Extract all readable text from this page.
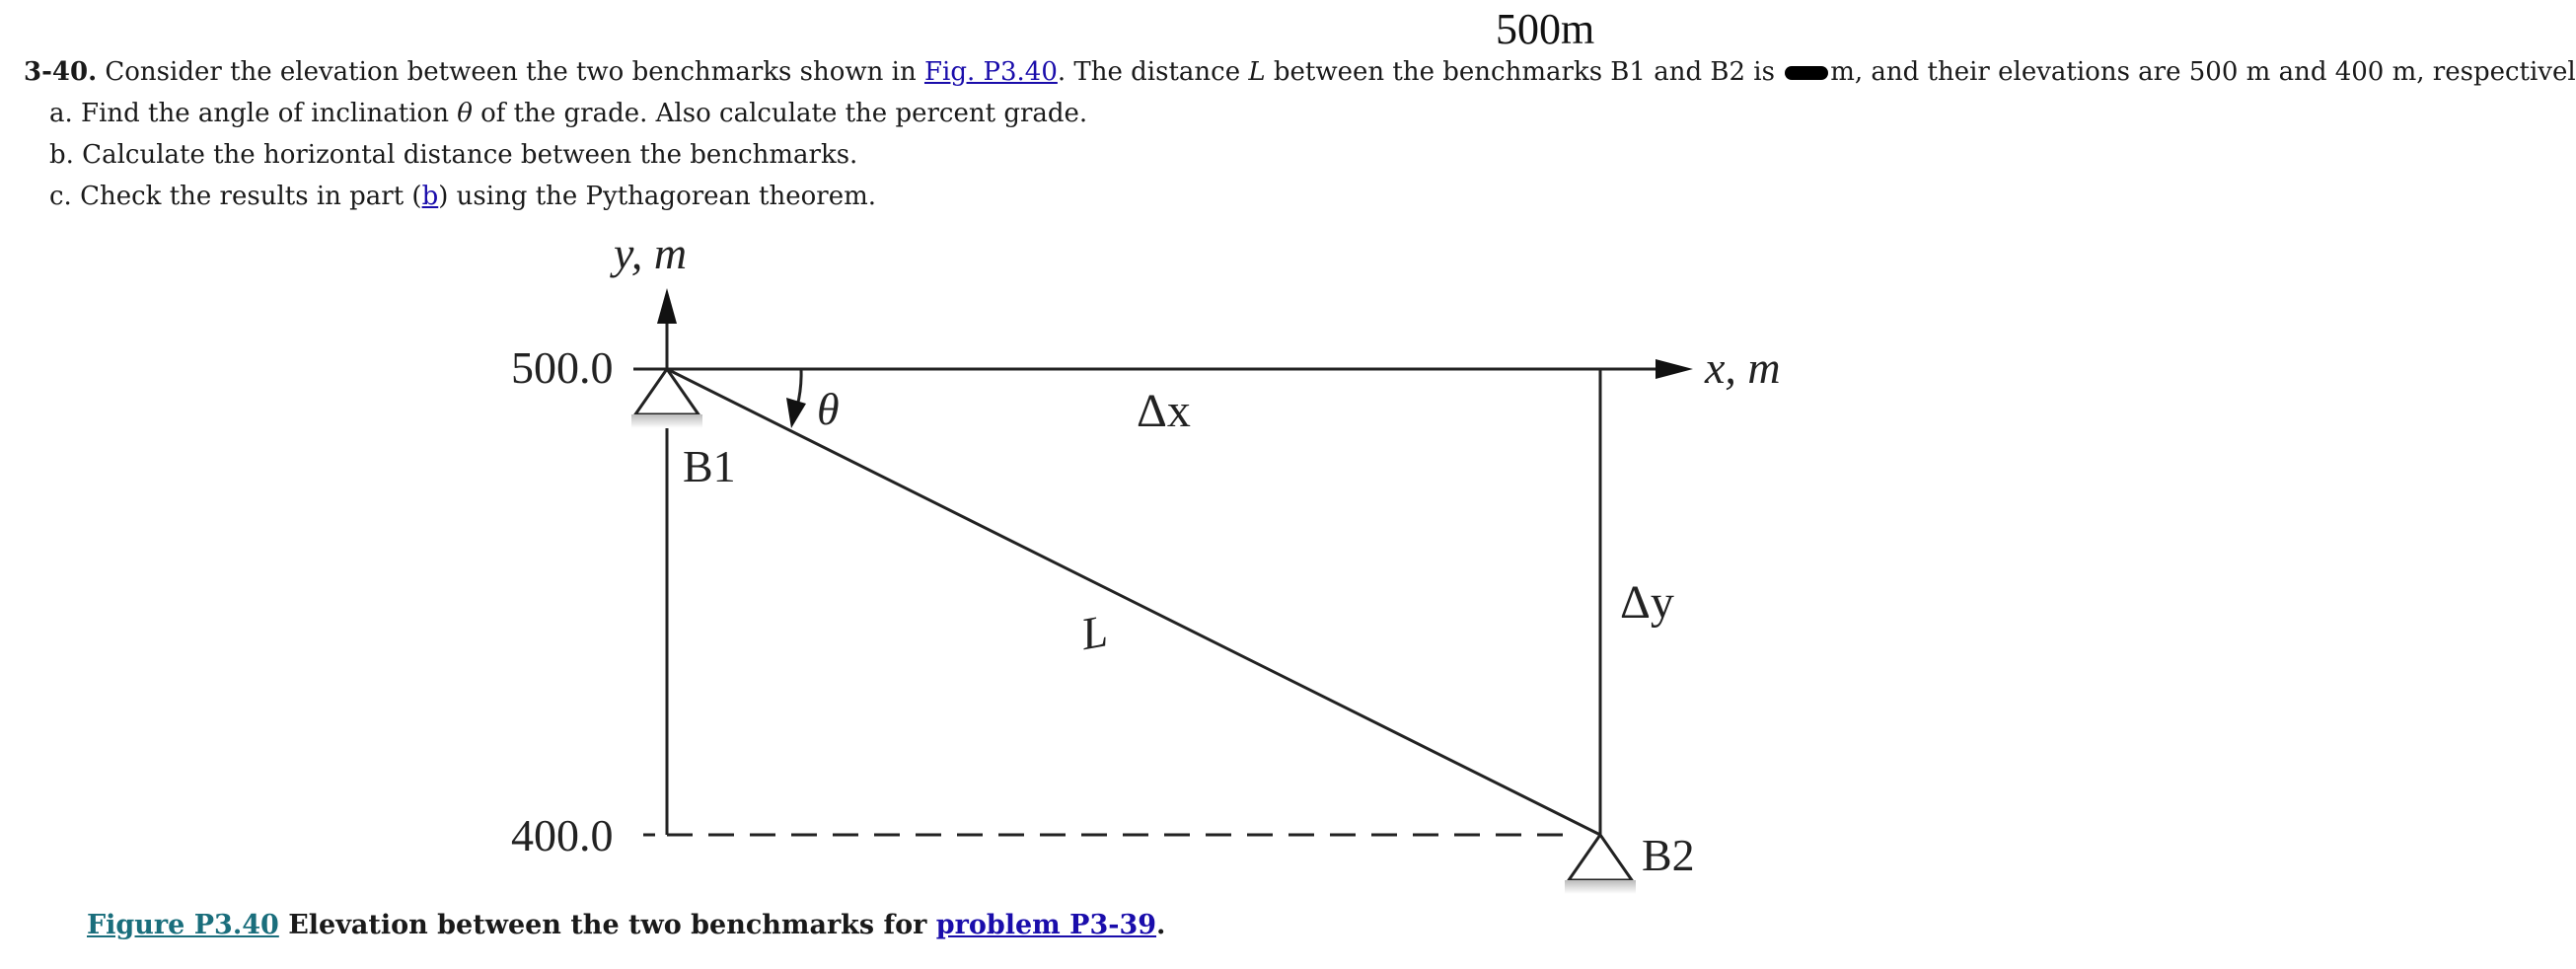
500m
3-40. Consider the elevation between the two benchmarks shown in Fig. P3.40. The distance L between the benchmarks B1 and B2 is m, and their elevations are 500 m and 400 m, respectivel
a. Find the angle of inclination θ of the grade. Also calculate the percent grade.
b. Calculate the horizontal distance between the benchmarks.
c. Check the results in part (b) using the Pythagorean theorem.
y, m
x, m
500.0
400.0
B1
B2
θ	Δx
Δy
L
Figure P3.40 Elevation between the two benchmarks for problem P3-39.
